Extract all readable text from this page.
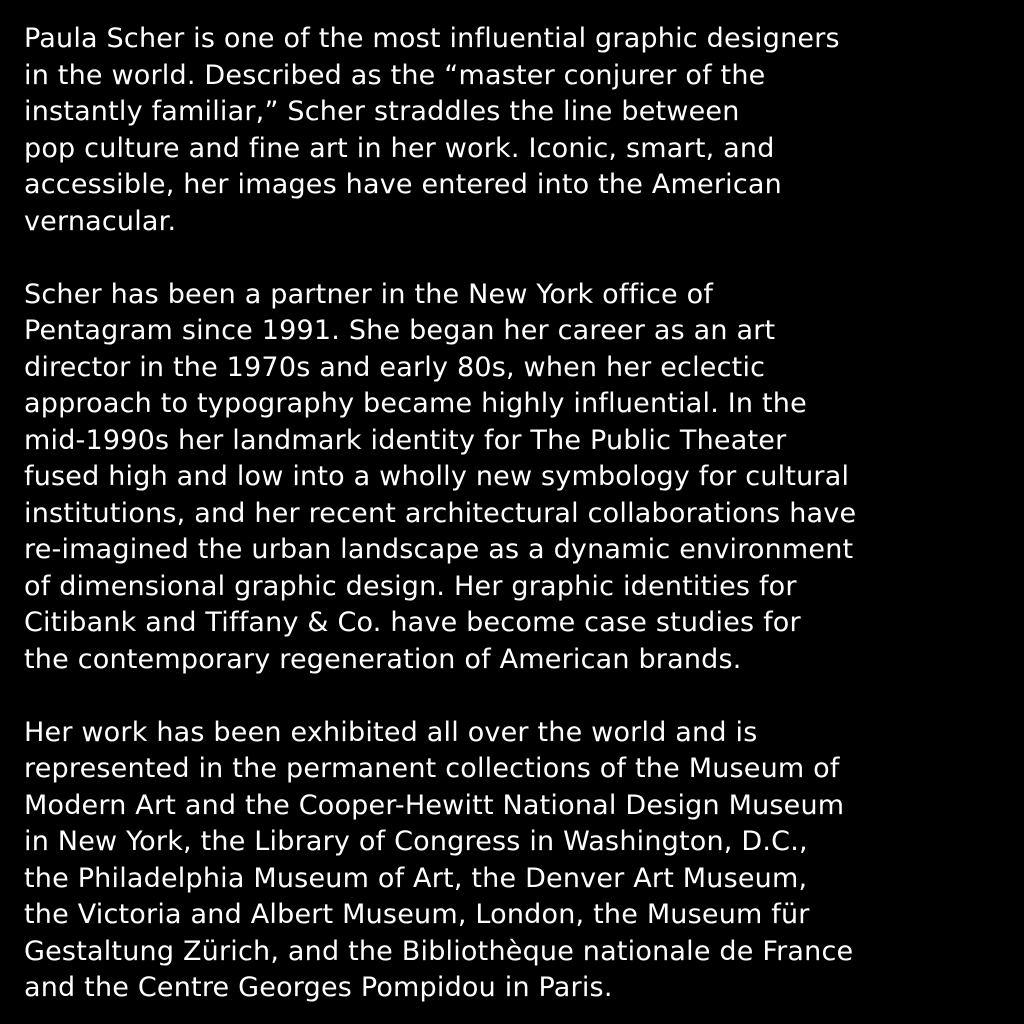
Paula Scher is one of the most influential graphic designers
in the world. Described as the “master conjurer of the
instantly familiar,” Scher straddles the line between
pop culture and fine art in her work. Iconic, smart, and
accessible, her images have entered into the American
vernacular.
Scher has been a partner in the New York office of
Pentagram since 1991. She began her career as an art
director in the 1970s and early 80s, when her eclectic
approach to typography became highly influential. In the
mid-1990s her landmark identity for The Public Theater
fused high and low into a wholly new symbology for cultural
institutions, and her recent architectural collaborations have
re-imagined the urban landscape as a dynamic environment
of dimensional graphic design. Her graphic identities for
Citibank and Tiffany & Co. have become case studies for
the contemporary regeneration of American brands.
Her work has been exhibited all over the world and is
represented in the permanent collections of the Museum of
Modern Art and the Cooper-Hewitt National Design Museum
in New York, the Library of Congress in Washington, D.C.,
the Philadelphia Museum of Art, the Denver Art Museum,
the Victoria and Albert Museum, London, the Museum für
Gestaltung Zürich, and the Bibliothèque nationale de France
and the Centre Georges Pompidou in Paris.
